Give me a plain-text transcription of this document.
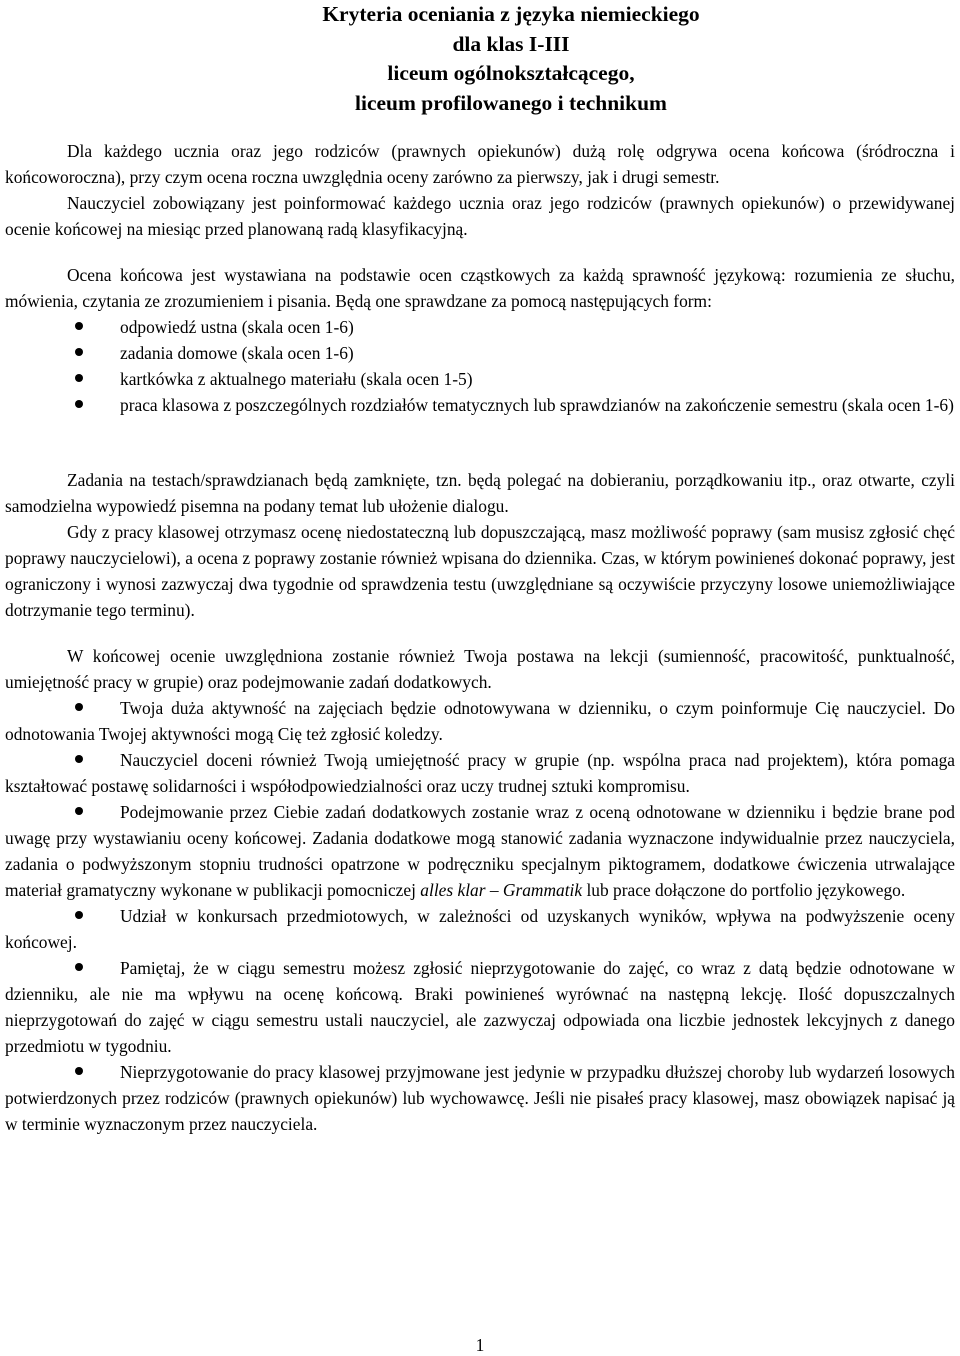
Kryteria oceniania z języka niemieckiego
dla klas I-III
liceum ogólnokształcącego,
liceum profilowanego i technikum

Dla każdego ucznia oraz jego rodziców (prawnych opiekunów) dużą rolę odgrywa ocena końcowa (śródroczna i końcoworoczna), przy czym ocena roczna uwzględnia oceny zarówno za pierwszy, jak i drugi semestr.

Nauczyciel zobowiązany jest poinformować każdego ucznia oraz jego rodziców (prawnych opiekunów) o przewidywanej ocenie końcowej na miesiąc przed planowaną radą klasyfikacyjną.

Ocena końcowa jest wystawiana na podstawie ocen cząstkowych za każdą sprawność językową: rozumienia ze słuchu, mówienia, czytania ze zrozumieniem i pisania. Będą one sprawdzane za pomocą następujących form:

odpowiedź ustna (skala ocen 1-6)

zadania domowe (skala ocen 1-6)

kartkówka z aktualnego materiału (skala ocen 1-5)

praca klasowa z poszczególnych rozdziałów tematycznych lub sprawdzianów na zakończenie semestru (skala ocen 1-6)

Zadania na testach/sprawdzianach będą zamknięte, tzn. będą polegać na dobieraniu, porządkowaniu itp., oraz otwarte, czyli samodzielna wypowiedź pisemna na podany temat lub ułożenie dialogu.

Gdy z pracy klasowej otrzymasz ocenę niedostateczną lub dopuszczającą, masz możliwość poprawy (sam musisz zgłosić chęć poprawy nauczycielowi), a ocena z poprawy zostanie również wpisana do dziennika. Czas, w którym powinieneś dokonać poprawy, jest ograniczony i wynosi zazwyczaj dwa tygodnie od sprawdzenia testu (uwzględniane są oczywiście przyczyny losowe uniemożliwiające dotrzymanie tego terminu).

W końcowej ocenie uwzględniona zostanie również Twoja postawa na lekcji (sumienność, pracowitość, punktualność, umiejętność pracy w grupie) oraz podejmowanie zadań dodatkowych.

Twoja duża aktywność na zajęciach będzie odnotowywana w dzienniku, o czym poinformuje Cię nauczyciel. Do odnotowania Twojej aktywności mogą Cię też zgłosić koledzy.

Nauczyciel doceni również Twoją umiejętność pracy w grupie (np. wspólna praca nad projektem), która pomaga kształtować postawę solidarności i współodpowiedzialności oraz uczy trudnej sztuki kompromisu.

Podejmowanie przez Ciebie zadań dodatkowych zostanie wraz z oceną odnotowane w dzienniku i będzie brane pod uwagę przy wystawianiu oceny końcowej. Zadania dodatkowe mogą stanowić zadania wyznaczone indywidualnie przez nauczyciela, zadania o podwyższonym stopniu trudności opatrzone w podręczniku specjalnym piktogramem, dodatkowe ćwiczenia utrwalające materiał gramatyczny wykonane w publikacji pomocniczej alles klar – Grammatik lub prace dołączone do portfolio językowego.

Udział w konkursach przedmiotowych, w zależności od uzyskanych wyników, wpływa na podwyższenie oceny końcowej.

Pamiętaj, że w ciągu semestru możesz zgłosić nieprzygotowanie do zajęć, co wraz z datą będzie odnotowane w dzienniku, ale nie ma wpływu na ocenę końcową. Braki powinieneś wyrównać na następną lekcję. Ilość dopuszczalnych nieprzygotowań do zajęć w ciągu semestru ustali nauczyciel, ale zazwyczaj odpowiada ona liczbie jednostek lekcyjnych z danego przedmiotu w tygodniu.

Nieprzygotowanie do pracy klasowej przyjmowane jest jedynie w przypadku dłuższej choroby lub wydarzeń losowych potwierdzonych przez rodziców (prawnych opiekunów) lub wychowawcę. Jeśli nie pisałeś pracy klasowej, masz obowiązek napisać ją w terminie wyznaczonym przez nauczyciela.

1
